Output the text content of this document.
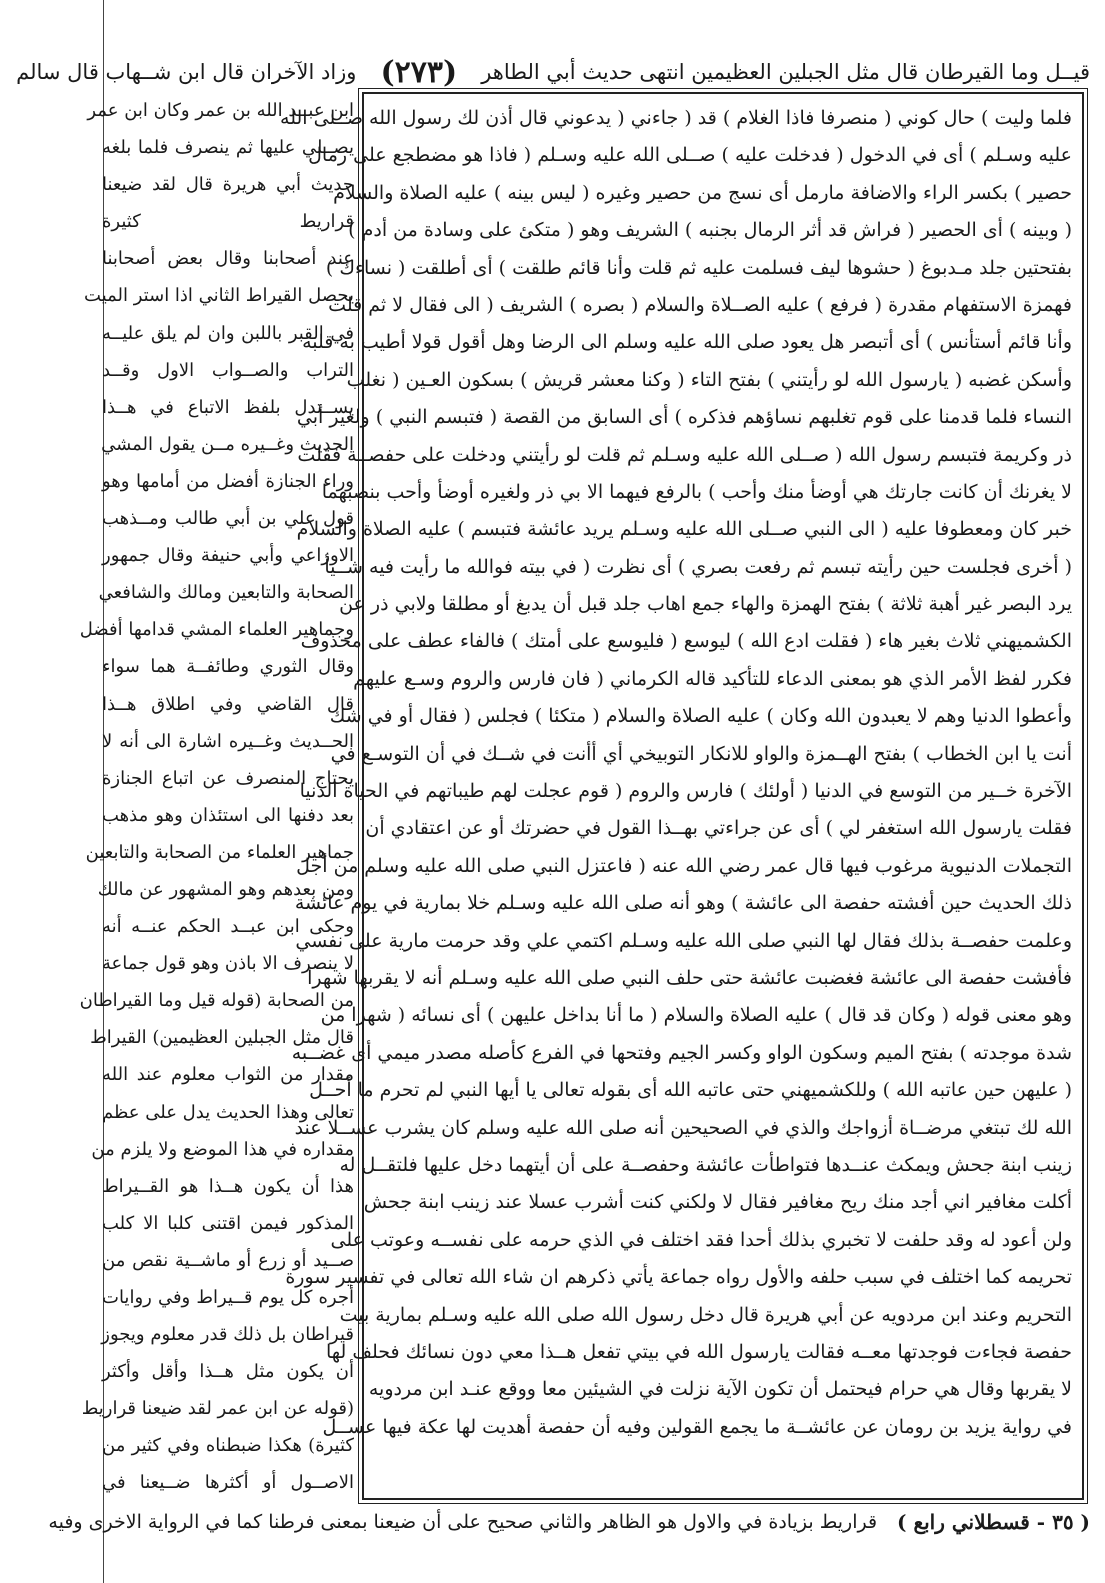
قيــل وما القيرطان قال مثل الجبلين العظيمين انتهى حديث أبي الطاهر
(٢٧٣)
وزاد الآخران قال ابن شــهاب قال سالم
فلما وليت ) حال كوني ( منصرفا فاذا الغلام ) قد ( جاءني ( يدعوني قال أذن لك رسول الله صــلى الله
عليه وسـلم ) أى في الدخول ( فدخلت عليه ) صــلى الله عليه وسـلم ( فاذا هو مضطجع على رمال
حصير ) بكسر الراء والاضافة مارمل أى نسج من حصير وغيره ( ليس بينه ) عليه الصلاة والسلام
( وبينه ) أى الحصير ( فراش قد أثر الرمال بجنبه ) الشريف وهو ( متكئ على وسادة من أدم )
بفتحتين جلد مـدبوغ ( حشوها ليف فسلمت عليه ثم قلت وأنا قائم طلقت ) أى أطلقت ( نساءك )
فهمزة الاستفهام مقدرة ( فرفع ) عليه الصــلاة والسلام ( بصره ) الشريف ( الى فقال لا ثم قلت
وأنا قائم أستأنس ) أى أتبصر هل يعود صلى الله عليه وسلم الى الرضا وهل أقول قولا أطيب به قلبه
وأسكن غضبه ( يارسول الله لو رأيتني ) بفتح التاء ( وكنا معشر قريش ) بسكون العـين ( نغلب
النساء فلما قدمنا على قوم تغلبهم نساؤهم فذكره ) أى السابق من القصة ( فتبسم النبي ) ولغير أبي
ذر وكريمة فتبسم رسول الله ( صــلى الله عليه وسـلم ثم قلت لو رأيتني ودخلت على حفصــة فقلت
لا يغرنك أن كانت جارتك هي أوضأ منك وأحب ) بالرفع فيهما الا بي ذر ولغيره أوضأ وأحب بنصبهما
خبر كان ومعطوفا عليه ( الى النبي صــلى الله عليه وسـلم يريد عائشة فتبسم ) عليه الصلاة والسلام
( أخرى فجلست حين رأيته تبسم ثم رفعت بصري ) أى نظرت ( في بيته فوالله ما رأيت فيه شــيأ
يرد البصر غير أهبة ثلاثة ) بفتح الهمزة والهاء جمع اهاب جلد قبل أن يدبغ أو مطلقا ولابي ذر عن
الكشميهني ثلاث بغير هاء ( فقلت ادع الله ) ليوسع ( فليوسع على أمتك ) فالفاء عطف على محذوف
فكرر لفظ الأمر الذي هو بمعنى الدعاء للتأكيد قاله الكرماني ( فان فارس والروم وسـع عليهم
وأعطوا الدنيا وهم لا يعبدون الله وكان ) عليه الصلاة والسلام ( متكئا ) فجلس ( فقال أو في شك
أنت يا ابن الخطاب ) بفتح الهــمزة والواو للانكار التوبيخي أي أأنت في شــك في أن التوسـع في
الآخرة خــير من التوسع في الدنيا ( أولئك ) فارس والروم ( قوم عجلت لهم طيباتهم في الحياة الدنيا
فقلت يارسول الله استغفر لي ) أى عن جراءتي بهــذا القول في حضرتك أو عن اعتقادي أن
التجملات الدنيوية مرغوب فيها قال عمر رضي الله عنه ( فاعتزل النبي صلى الله عليه وسلم من أجل
ذلك الحديث حين أفشته حفصة الى عائشة ) وهو أنه صلى الله عليه وسـلم خلا بمارية في يوم عائشة
وعلمت حفصــة بذلك فقال لها النبي صلى الله عليه وسـلم اكتمي علي وقد حرمت مارية على نفسي
فأفشت حفصة الى عائشة فغضبت عائشة حتى حلف النبي صلى الله عليه وسـلم أنه لا يقربها شهرا
وهو معنى قوله ( وكان قد قال ) عليه الصلاة والسلام ( ما أنا بداخل عليهن ) أى نسائه ( شهرا من
شدة موجدته ) بفتح الميم وسكون الواو وكسر الجيم وفتحها في الفرع كأصله مصدر ميمي أى غضــبه
( عليهن حين عاتبه الله ) وللكشميهني حتى عاتبه الله أى بقوله تعالى يا أيها النبي لم تحرم ما أحــل
الله لك تبتغي مرضــاة أزواجك والذي في الصحيحين أنه صلى الله عليه وسلم كان يشرب عســلا عند
زينب ابنة جحش ويمكث عنــدها فتواطأت عائشة وحفصــة على أن أيتهما دخل عليها فلتقــل له
أكلت مغافير اني أجد منك ريح مغافير فقال لا ولكني كنت أشرب عسلا عند زينب ابنة جحش
ولن أعود له وقد حلفت لا تخبري بذلك أحدا فقد اختلف في الذي حرمه على نفســه وعوتب على
تحريمه كما اختلف في سبب حلفه والأول رواه جماعة يأتي ذكرهم ان شاء الله تعالى في تفسير سورة
التحريم وعند ابن مردويه عن أبي هريرة قال دخل رسول الله صلى الله عليه وسـلم بمارية بيت
حفصة فجاءت فوجدتها معــه فقالت يارسول الله في بيتي تفعل هــذا معي دون نسائك فحلف لها
لا يقربها وقال هي حرام فيحتمل أن تكون الآية نزلت في الشيئين معا ووقع عنـد ابن مردويه
في رواية يزيد بن رومان عن عائشــة ما يجمع القولين وفيه أن حفصة أهديت لها عكة فيها عســل
ابن عبــد الله بن عمر وكان ابن عمر
يصــلي عليها ثم ينصرف فلما بلغه
حديث أبي هريرة قال لقد ضيعنا
قراريط كثيرة
عند أصحابنا وقال بعض أصحابنا
يحصل القيراط الثاني اذا استر الميت
في القبر باللبن وان لم يلق عليــه
التراب والصــواب الاول وقــد
يســتدل بلفظ الاتباع في هــذا
الحديث وغــيره مــن يقول المشي
وراء الجنازة أفضل من أمامها وهو
قول علي بن أبي طالب ومــذهب
الاوزاعي وأبي حنيفة وقال جمهور
الصحابة والتابعين ومالك والشافعي
وجماهير العلماء المشي قدامها أفضل
وقال الثوري وطائفــة هما سواء
قال القاضي وفي اطلاق هــذا
الحــديث وغــيره اشارة الى أنه لا
يحتاج المنصرف عن اتباع الجنازة
بعد دفنها الى استئذان وهو مذهب
جماهير العلماء من الصحابة والتابعين
ومن بعدهم وهو المشهور عن مالك
وحكى ابن عبــد الحكم عنــه أنه
لا ينصرف الا باذن وهو قول جماعة
من الصحابة (قوله قيل وما القيراطان
قال مثل الجبلين العظيمين) القيراط
مقدار من الثواب معلوم عند الله
تعالى وهذا الحديث يدل على عظم
مقداره في هذا الموضع ولا يلزم من
هذا أن يكون هــذا هو القــيراط
المذكور فيمن اقتنى كلبا الا كلب
صــيد أو زرع أو ماشــية نقص من
أجره كل يوم قــيراط وفي روايات
قيراطان بل ذلك قدر معلوم ويجوز
أن يكون مثل هــذا وأقل وأكثر
(قوله عن ابن عمر لقد ضيعنا قراريط
كثيرة) هكذا ضبطناه وفي كثير من
الاصــول أو أكثرها ضــيعنا في
( ٣٥ - قسطلاني رابع )
قراريط بزيادة في والاول هو الظاهر والثاني صحيح على أن ضيعنا بمعنى فرطنا كما في الرواية الاخرى وفيه
